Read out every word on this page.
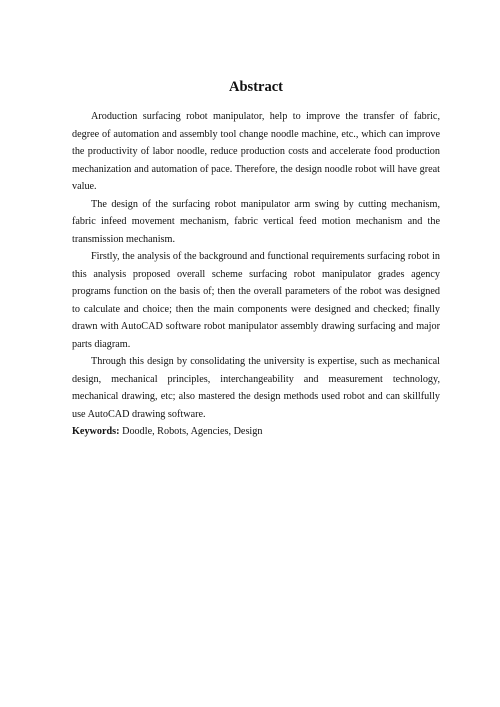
Abstract

Aroduction surfacing robot manipulator, help to improve the transfer of fabric, degree of automation and assembly tool change noodle machine, etc., which can improve the productivity of labor noodle, reduce production costs and accelerate food production mechanization and automation of pace. Therefore, the design noodle robot will have great value.

The design of the surfacing robot manipulator arm swing by cutting mechanism, fabric infeed movement mechanism, fabric vertical feed motion mechanism and the transmission mechanism.

Firstly, the analysis of the background and functional requirements surfacing robot in this analysis proposed overall scheme surfacing robot manipulator grades agency programs function on the basis of; then the overall parameters of the robot was designed to calculate and choice; then the main components were designed and checked; finally drawn with AutoCAD software robot manipulator assembly drawing surfacing and major parts diagram.

Through this design by consolidating the university is expertise, such as mechanical design, mechanical principles, interchangeability and measurement technology, mechanical drawing, etc; also mastered the design methods used robot and can skillfully use AutoCAD drawing software.

Keywords: Doodle, Robots, Agencies, Design
